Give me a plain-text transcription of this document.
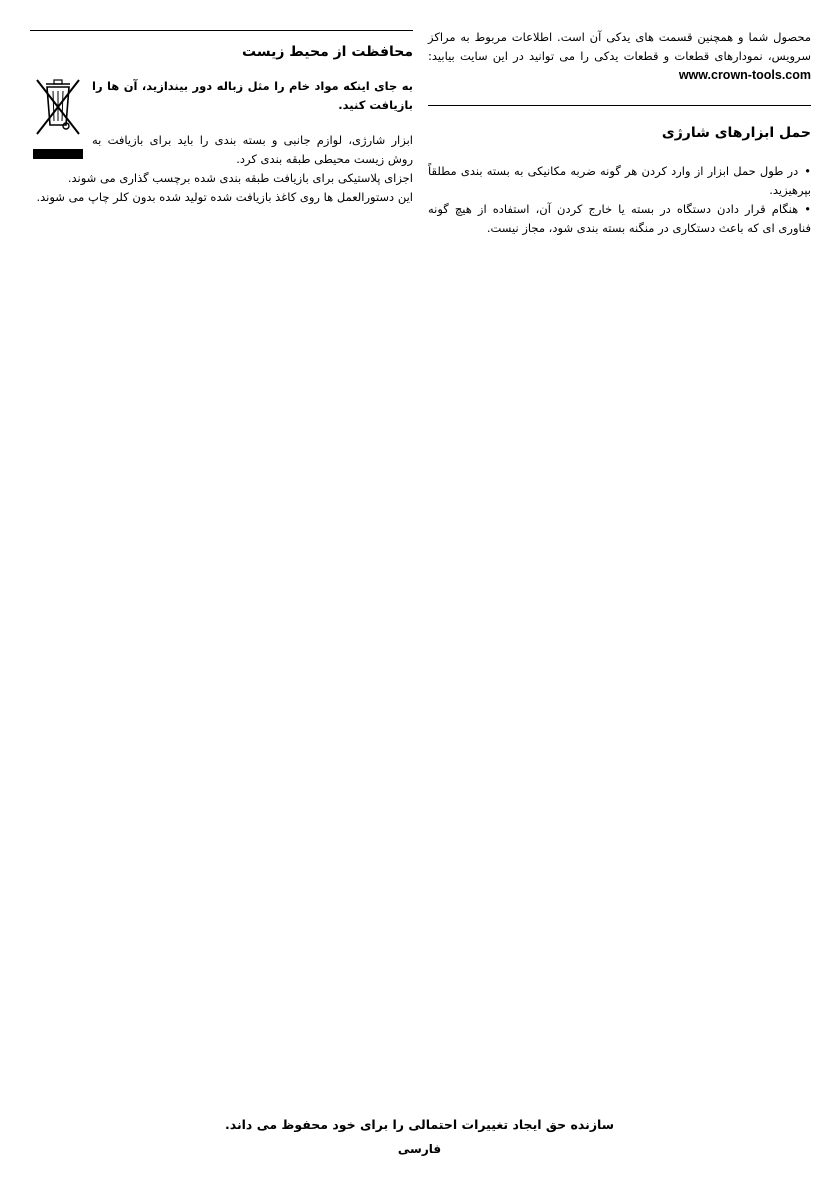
محصول شما و همچنین قسمت های یدکی آن است. اطلاعات مربوط به مراکز سرویس، نمودارهای قطعات و قطعات یدکی را می توانید در این سایت بیابید: www.crown-tools.com

حمل ابزارهای شارژی

•در طول حمل ابزار از وارد کردن هر گونه ضربه مکانیکی به بسته بندی مطلقاً بپرهیزید.

•هنگام قرار دادن دستگاه در بسته یا خارج کردن آن، استفاده از هیچ گونه فناوری ای که باعث دستکاری در منگنه بسته بندی شود، مجاز نیست.

محافظت از محیط زیست

به جای اینکه مواد خام را مثل زباله دور بیندازید، آن ها را بازیافت کنید.

ابزار شارژی، لوازم جانبی و بسته بندی را باید برای بازیافت به روش زیست محیطی طبقه بندی کرد.

اجزای پلاستیکی برای بازیافت طبقه بندی شده برچسب گذاری می شوند.

این دستورالعمل ها روی کاغذ بازیافت شده تولید شده بدون کلر چاپ می شوند.

سازنده حق ایجاد تغییرات احتمالی را برای خود محفوظ می داند.
فارسی
